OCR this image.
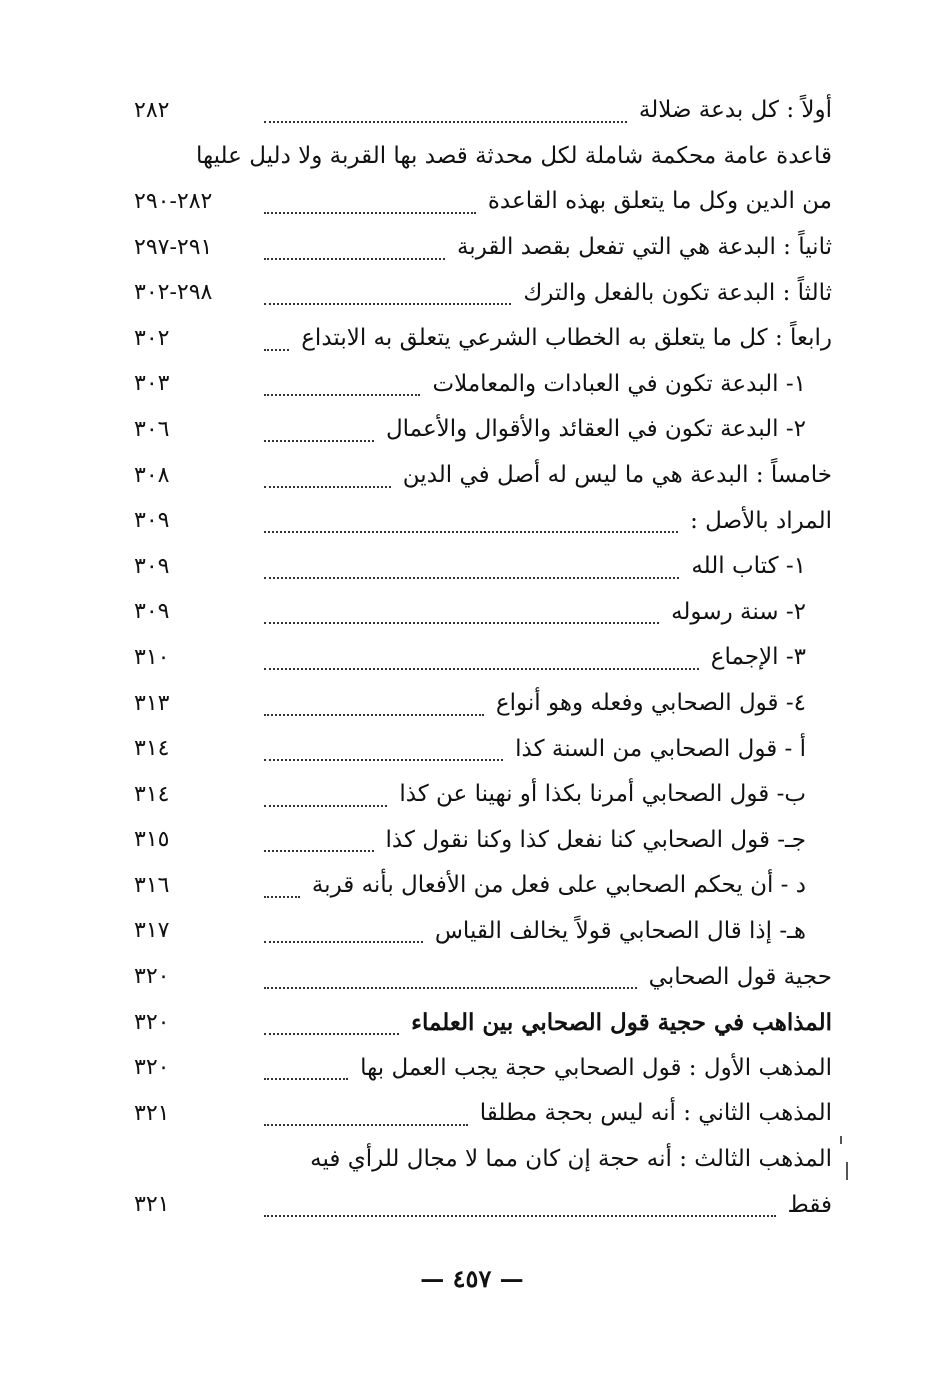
أولاً : كل بدعة ضلالة
٢٨٢
قاعدة عامة محكمة شاملة لكل محدثة قصد بها القربة ولا دليل عليها
من الدين وكل ما يتعلق بهذه القاعدة
٢٨٢-٢٩٠
ثانياً : البدعة هي التي تفعل بقصد القربة
٢٩١-٢٩٧
ثالثاً : البدعة تكون بالفعل والترك
٢٩٨-٣٠٢
رابعاً : كل ما يتعلق به الخطاب الشرعي يتعلق به الابتداع
٣٠٢
١- البدعة تكون في العبادات والمعاملات
٣٠٣
٢- البدعة تكون في العقائد والأقوال والأعمال
٣٠٦
خامساً : البدعة هي ما ليس له أصل في الدين
٣٠٨
المراد بالأصل :
٣٠٩
١- كتاب الله
٣٠٩
٢- سنة رسوله
٣٠٩
٣- الإجماع
٣١٠
٤- قول الصحابي وفعله وهو أنواع
٣١٣
أ - قول الصحابي من السنة كذا
٣١٤
ب- قول الصحابي أمرنا بكذا أو نهينا عن كذا
٣١٤
جـ- قول الصحابي كنا نفعل كذا وكنا نقول كذا
٣١٥
د - أن يحكم الصحابي على فعل من الأفعال بأنه قربة
٣١٦
هـ- إذا قال الصحابي قولاً يخالف القياس
٣١٧
حجية قول الصحابي
٣٢٠
المذاهب في حجية قول الصحابي بين العلماء
٣٢٠
المذهب الأول : قول الصحابي حجة يجب العمل بها
٣٢٠
المذهب الثاني : أنه ليس بحجة مطلقا
٣٢١
المذهب الثالث : أنه حجة إن كان مما لا مجال للرأي فيه
فقط
٣٢١
— ٤٥٧ —
